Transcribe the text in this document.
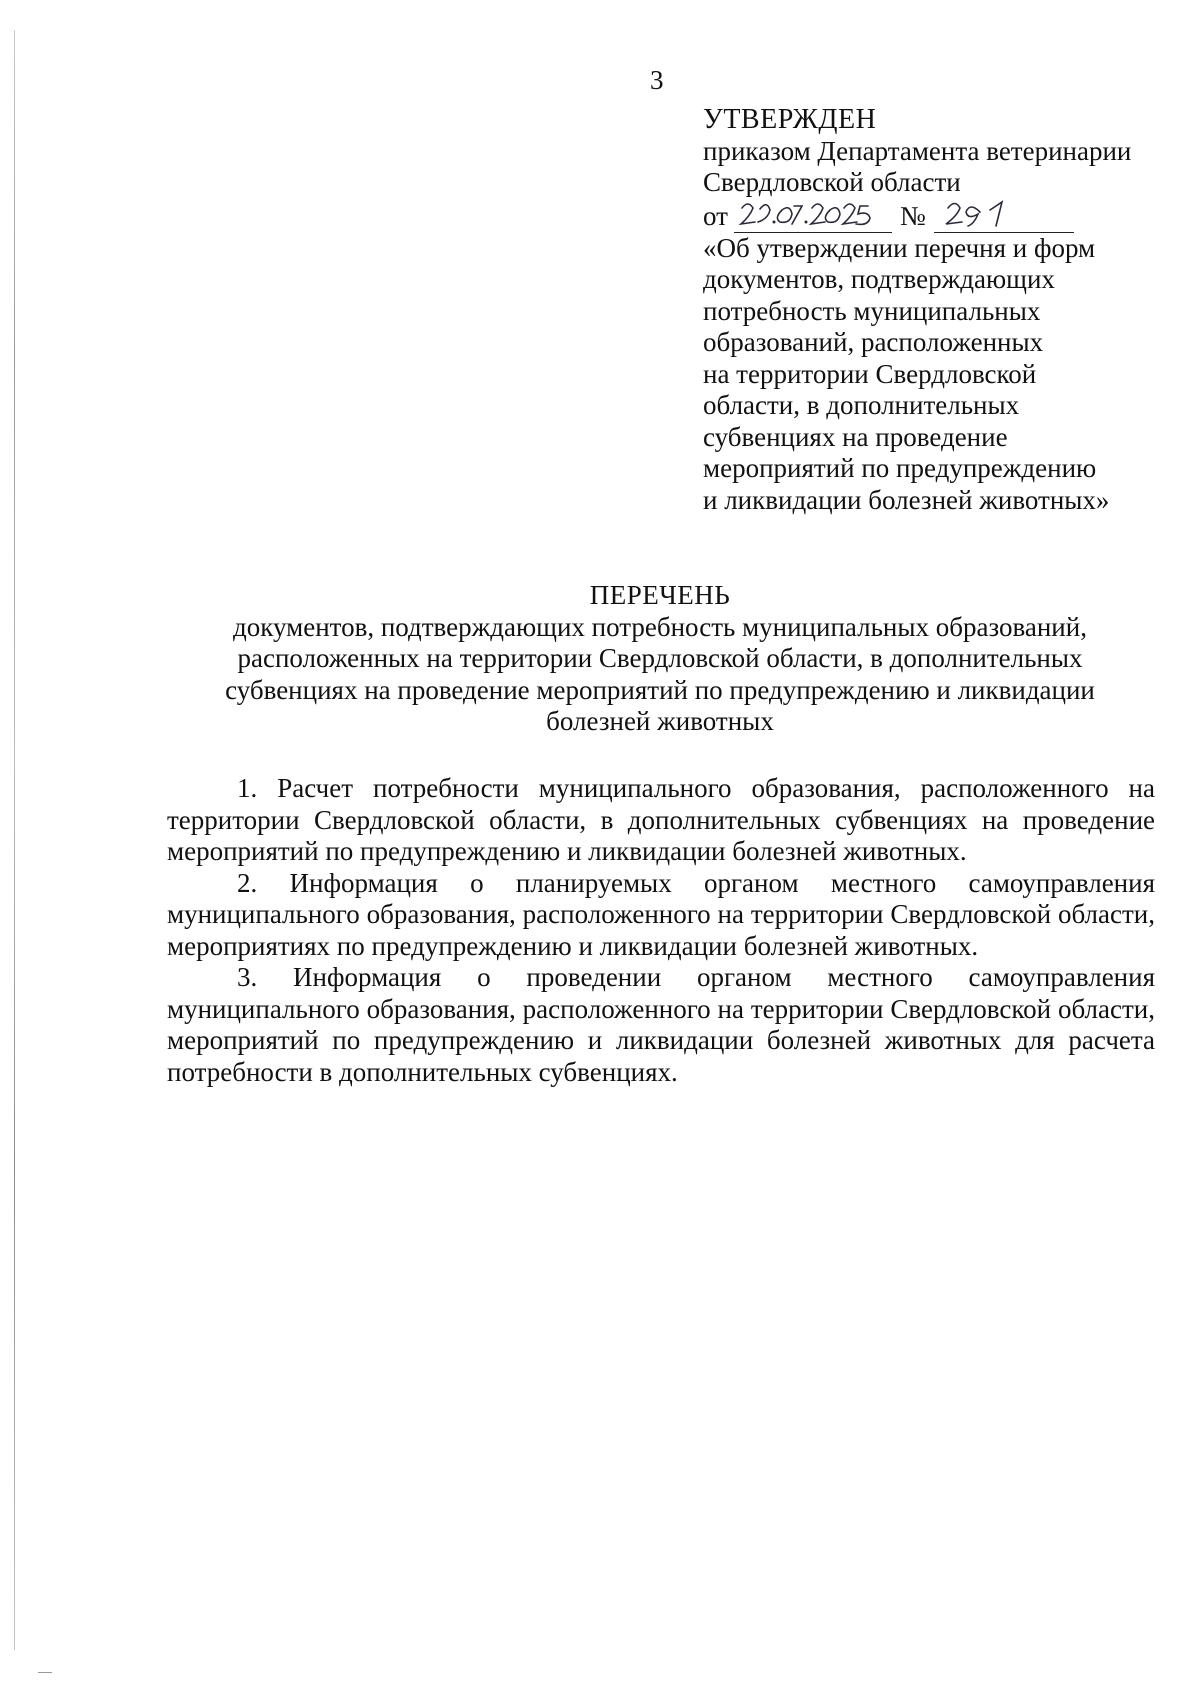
3
УТВЕРЖДЕН
приказом Департамента ветеринарии
Свердловской области
от	№
«Об утверждении перечня и форм
документов, подтверждающих
потребность муниципальных
образований, расположенных
на территории Свердловской
области, в дополнительных
субвенциях на проведение
мероприятий по предупреждению
и ликвидации болезней животных»
ПЕРЕЧЕНЬ
документов, подтверждающих потребность муниципальных образований, расположенных на территории Свердловской области, в дополнительных субвенциях на проведение мероприятий по предупреждению и ликвидации болезней животных

1. Расчет потребности муниципального образования, расположенного на территории Свердловской области, в дополнительных субвенциях на проведение мероприятий по предупреждению и ликвидации болезней животных.

2. Информация о планируемых органом местного самоуправления муниципального образования, расположенного на территории Свердловской области, мероприятиях по предупреждению и ликвидации болезней животных.

3. Информация о проведении органом местного самоуправления муниципального образования, расположенного на территории Свердловской области, мероприятий по предупреждению и ликвидации болезней животных для расчета потребности в дополнительных субвенциях.
